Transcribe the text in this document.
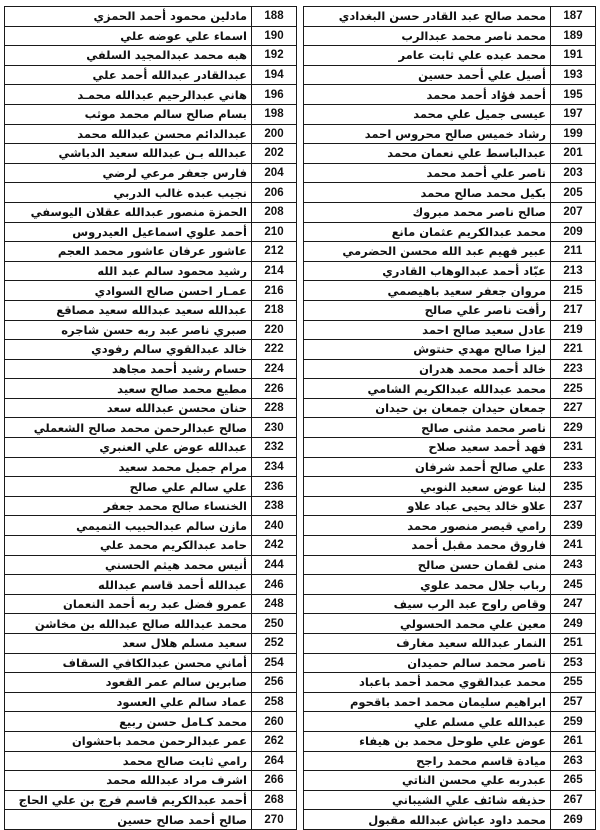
187	محمد صالح عبد القادر حسن البغدادي
189	محمد ناصر محمد عبدالرب
191	محمد عبده علي ثابت عامر
193	أصيل علي أحمد حسين
195	أحمد فؤاد أحمد محمد
197	عيسى جميل علي محمد
199	رشاد خميس صالح محروس احمد
201	عبدالباسط علي نعمان محمد
203	ناصر علي أحمد محمد
205	بكيل محمد صالح محمد
207	صالح ناصر محمد مبروك
209	محمد عبدالكريم عثمان مانع
211	عبير فهيم عبد الله محسن الحضرمي
213	عبّاد أحمد عبدالوهاب القادري
215	مروان جعفر سعيد باهيصمي
217	رأفت ناصر علي صالح
219	عادل سعيد صالح احمد
221	ليزا صالح مهدي حنتوش
223	خالد أحمد محمد هدران
225	محمد عبدالله عبدالكريم الشامي
227	جمعان حيدان جمعان بن حيدان
229	ناصر محمد مثنى صالح
231	فهد أحمد سعيد صلاح
233	علي صالح أحمد شرفان
235	لبنا عوض سعيد النوبي
237	علاو خالد يحيى عباد علاو
239	رامي قيصر منصور محمد
241	فاروق محمد مقبل أحمد
243	منى لقمان حسن صالح
245	رباب جلال محمد علوي
247	وقاص راوح عبد الرب سيف
249	معين علي محمد الحسولي
251	النمار عبدالله سعيد مغارف
253	ناصر محمد سالم حميدان
255	محمد عبدالقوي محمد أحمد باعباد
257	ابراهيم سليمان محمد احمد باقحوم
259	عبدالله علي مسلم علي
261	عوض علي طوحل محمد بن هيفاء
263	ميادة قاسم محمد راجح
265	عبدربه علي محسن الناتي
267	حذيفه شائف علي الشيباني
269	محمد داود عياش عبدالله مقبول
188	مادلين محمود أحمد الحمزي
190	اسماء علي عوضه علي
192	هبه محمد عبدالمجيد السلفي
194	عبدالقادر عبدالله أحمد علي
196	هاني عبدالرحيم عبدالله محمـد
198	بسام صالح سالم محمد موثب
200	عبدالدائم محسن عبدالله محمد
202	عبدالله بـن عبدالله سعيد الدباشي
204	فارس جعفر مرعي لرضي
206	نجيب عبده غالب الدربي
208	الحمزة منصور عبدالله عقلان اليوسفي
210	أحمد علوي اسماعيل العيدروس
212	عاشور عرفان عاشور محمد العجم
214	رشيد محمود سالم عبد الله
216	عمـار احسن صالح السوادي
218	عبدالله سعيد عبدالله سعيد مصاقع
220	صبري ناصر عبد ربه حسن شاجره
222	خالد عبدالقوي سالم رفودي
224	حسام رشيد أحمد مجاهد
226	مطيع محمد صالح سعيد
228	حنان محسن عبدالله سعد
230	صالح عبدالرحمن محمد صالح الشعملي
232	عبدالله عوض علي العنبري
234	مرام جميل محمد سعيد
236	علي سالم علي صالح
238	الخنساء صالح محمد جعفر
240	مازن سالم عبدالحبيب التميمي
242	حامد عبدالكريم محمد علي
244	أنيس محمد هيثم الحسني
246	عبدالله أحمد قاسم عبدالله
248	عمرو فضل عبد ربه أحمد النعمان
250	محمد عبدالله صالح عبدالله بن مخاشن
252	سعيد مسلم هلال سعد
254	أماني محسن عبدالكافي السقاف
256	صابرين سالم عمر القعود
258	عماد سالم علي العسود
260	محمد كـامل حسن ربيع
262	عمر عبدالرحمن محمد باحشوان
264	رامي ثابت صالح محمد
266	اشرف مراد عبدالله محمد
268	أحمد عبدالكريم قاسم فرج بن علي الحاج
270	صالح أحمد صالح حسين
